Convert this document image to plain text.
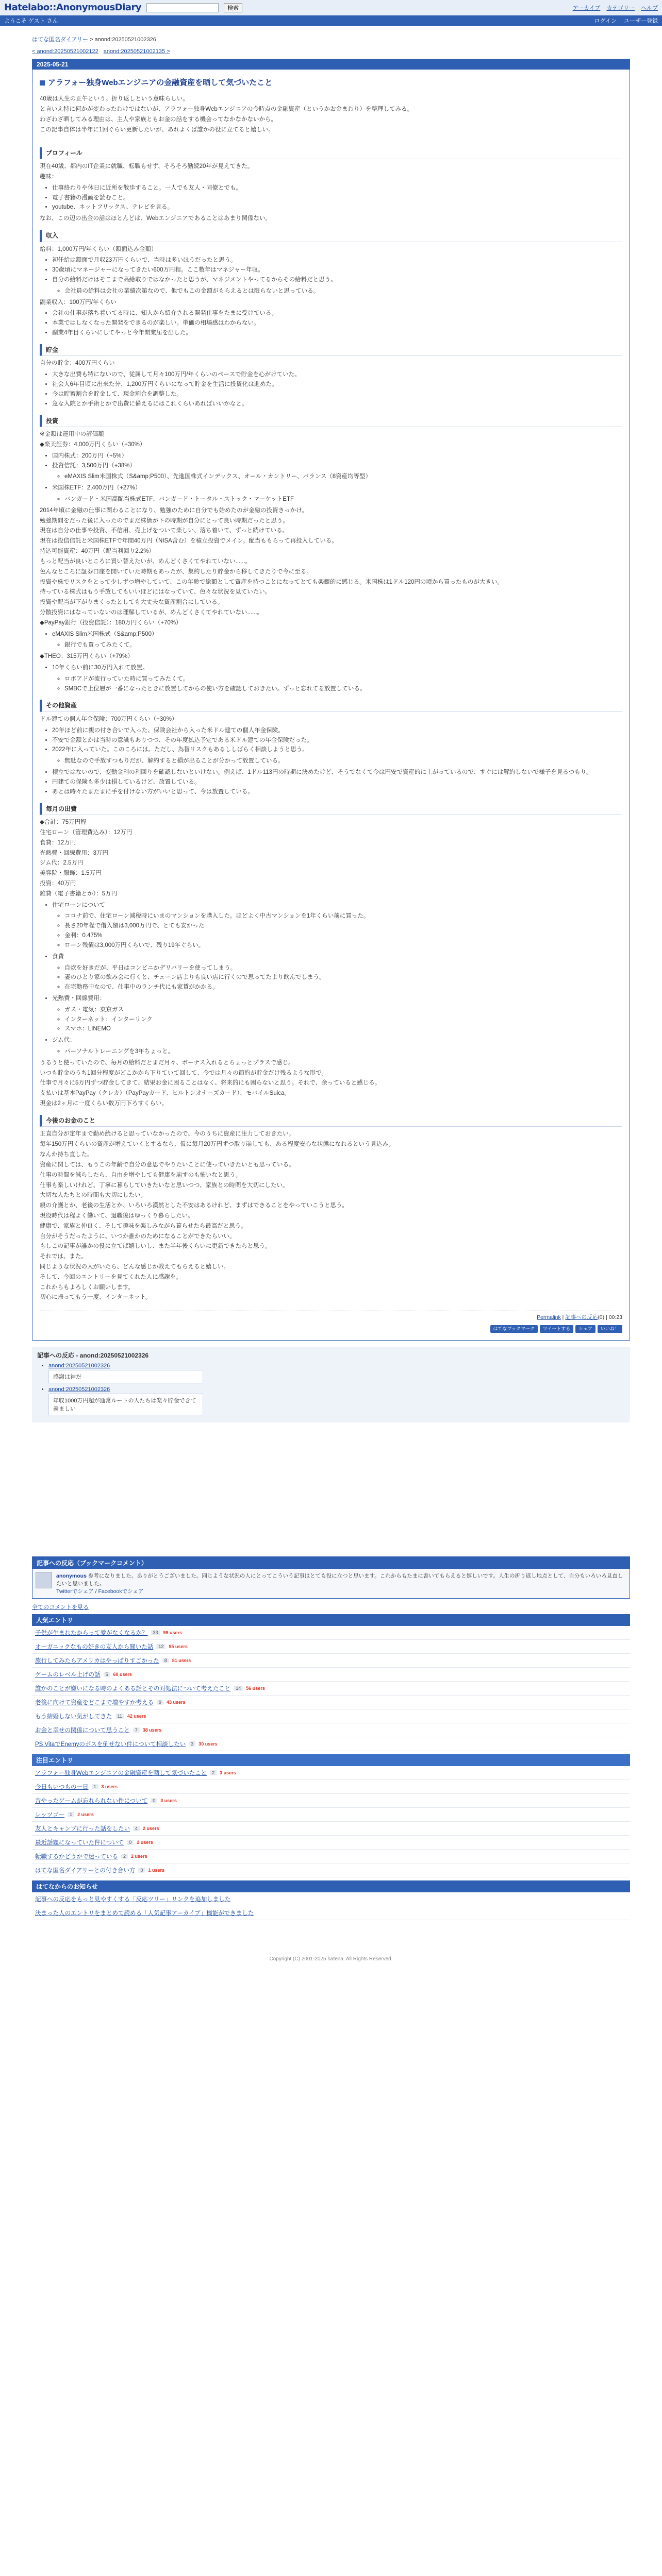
Hatelabo::AnonymousDiary	検索	アーカイブ カテゴリー ヘルプ
ようこそ ゲスト さん	ログイン ユーザー登録
はてな匿名ダイアリー > anond:20250521002326
< anond:20250521002122 anond:20250521002135 >
2025-05-21
アラフォー独身Webエンジニアの金融資産を晒して気づいたこと

40歳は人生の正午という。折り返しという意味らしい。

と言いえ特に何かが変わったわけではないが、アラフォー独身Webエンジニアの今時点の金融資産（というかお金まわり）を整理してみる。

わざわざ晒してみる理由は、主人や家族ともお金の話をする機会ってなかなかないから。

この記事自体は半年に1回ぐらい更新したいが、あれよくば誰かの役に立てると嬉しい。

プロフィール

現在40歳、都内のIT企業に就職、転職もせず、そろそろ勤続20年が見えてきた。

趣味：

• 仕事終わりや休日に近所を散歩すること。一人でも友人・同僚とでも。
• 電子書籍の漫画を読むこと。
• youtube、ネットフリックス、テレビを見る。

なお、この辺の出金の話はほとんどは、Webエンジニアであることはあまり関係ない。

収入

給料：1,000万円/年くらい（額面込み金額）

• 初任給は額面で月収23万円くらいで、当時は多いほうだったと思う。
• 30歳頃にマネージャーになってきたい600万円程。ここ数年はマネジャー年収。
• 自分の給料だけはそこまで高給取りではなかったと思うが、マネジメントやってるからその給料だと思う。
◦ 会社員の給料は会社の業績次第なので、他でもこの金額がもらえるとは限らないと思っている。

副業収入：100万円/年くらい

• 会社の仕事が落ち着いてる時に、知人から紹介される開発仕事をたまに受けている。
• 本業ではしなくなった開発をできるのが楽しい。単価の相場感はわからない。
• 副業4年目くらいにしてやっと今年開業届を出した。
貯金

自分の貯金：400万円くらい

• 大きな出費も特にないので、従属して月々100万円/年くらいのペースで貯金を心がけていた。
• 社会人6年目頃に出来た分、1,200万円くらいになって貯金を生活に投資化は進めた。
• 今は貯蓄割合を貯金して、現金割合を調整した。
• 急な入院とか手術とかで出費に備えるにはこれくらいあればいいかなと。
投資

※金額は運用中の評価額

◆楽天証券：4,000万円くらい（+30%）

• 国内株式：200万円（+5%）
• 投資信託：3,500万円（+38%）
◦ eMAXIS Slim米国株式（S&amp;P500）、先進国株式インデックス、オール・カントリー、バランス（8資産均等型）
• 米国株ETF：2,400万円（+27%）
◦ バンガード・米国高配当株式ETF、バンガード・トータル・ストック・マーケットETF

2014年頃に金融の仕事に関わることになり、勉強のために自分でも始めたのが金融の投資きっかけ。

勉強期間をだった後に入ったのでまだ株価が下の時期が自分にとって良い時期だったと思う。

現在は自分の仕事や投資、不信用、売上げをついて楽しい、落ち着いて、ずっと続けている。

現在は投信信託と米国株ETFで年間40万円（NISA含む）を積立投資でメイン。配当ももらって再投入している。

持込可能資産：40万円（配当利回り2.2%）

もっと配当が良いところに買い替えたいが、めんどくさくてやれていない......。

色んなところに証券口座を開いていた時期もあったが、集約したり貯金から移してきたりで今に至る。

投資や株でリスクをとって少しずつ増やしていて、この年齢で総額として資産を持つことになってとても楽観的に感じる。米国株は1ドル120円の頃から買ったものが大きい。

持っている株式はもう手放してもいいほどにはなっていて、色々な状況を見ていたい。

投資や配当が下がりまくったとしても大丈夫な資産割合にしている。

分散投資にはなっていないのは理解しているが、めんどくさくてやれていない......。

◆PayPay銀行（投資信託）：180万円くらい（+70%）

• eMAXIS Slim米国株式（S&amp;P500）
◦ 銀行でも買ってみたくて。

◆THEO：315万円くらい（+79%）

• 10年くらい前に30万円入れて放置。
◦ ロボアドが流行っていた時に買ってみたくて。
◦ SMBCで上位層が一番になったときに放置してからの使い方を確認しておきたい。ずっと忘れてる放置している。
その他資産

ドル建ての個人年金保険：700万円くらい（+30%）

• 20年ほど前に親の付き合いで入った、保険会社から入った米ドル建ての個人年金保険。
• 不安で金額とかは当時の意識もありつつ、その年度払込予定である米ドル建ての年金保険だった。
• 2022年に入っていた。このころには。ただし、為替リスクもあるししばらく相談しようと思う。
◦ 無駄なので手放すつもりだが、解約すると損が出ることが分かって放置している。
• 積立ではないので、変動金利の利回りを確認しないといけない。例えば、1ドル113円の時期に決めたけど、そうでなくて今は円安で資産的に上がっているので、すぐには解約しないで様子を見るつもり。
• 円建ての保険も多少は損しているけど、放置している。
• あとは時々たまたまに手を付けない方がいいと思って、今は放置している。
毎月の出費

◆合計：75万円程

住宅ローン（管理費込み）：12万円

食費：12万円

光熱費・回線費用：3万円

ジム代：2.5万円

美容院・服飾：1.5万円

投資：40万円

雑費（電子書籍とか）：5万円

• 住宅ローンについて
◦ コロナ前で、住宅ローン減税時にいまのマンションを購入した。ほどよく中古マンションを1年くらい前に買った。
◦ 長さ20年程で借入額は3,000万円で、とても安かった
◦ 金利：0.475%
◦ ローン残債は3,000万円くらいで、残り19年ぐらい。
• 食費
◦ 自炊を好きだが、平日はコンビニかデリバリーを使ってしまう。
◦ 妻のひとり家の飲み会に行くと、チェーン店よりも良い店に行くので思ってたより飲んでしまう。
◦ 在宅勤務中なので、仕事中のランチ代にも家賃がかかる。
• 光熱費・回線費用：
◦ ガス・電気：東京ガス
◦ インターネット：インターリンク
◦ スマホ：LINEMO
• ジム代：
◦ パーソナルトレーニングを3年ちょっと。

うるうと使っていたので、毎月の給料だとまだ月々、ボーナス入れるとちょっとプラスで感じ。

いつも貯金のうち1回分程度がどこかから下りていて回して、今では月々の節約が貯金だけ残るような形で。

仕事で月々に5万円ずつ貯金してきて、結果お金に困ることはなく、将来的にも困らないと思う。それで、余っていると感じる。

支払いは基本PayPay（クレカ）（PayPayカード、ヒルトンオナーズカード）、モバイルSuica。

現金は2ヶ月に一度くらい数万円下ろすくらい。

今後のお金のこと

正直自分が定年まで勤め続けると思っていなかったので、今のうちに資産に注力しておきたい。

毎年150万円くらいの資産が増えていくとするなら、仮に毎月20万円ずつ取り崩しても、ある程度安心な状態になれるという見込み。

なんか持ち直した。

資産に関しては、もうこの年齢で自分の意思でやりたいことに使っていきたいとも思っている。

仕事の時間を減らしたら、自由を増やしても健康を崩すのも怖いなと思う。

仕事も楽しいけれど、丁寧に暮らしていきたいなと思いつつ、家族との時間を大切にしたい。

大切な人たちとの時間も大切にしたい。

親の介護とか、老後の生活とか、いろいろ漠然とした不安はあるけれど、まずはできることをやっていこうと思う。

現役時代は程よく働いて、退職後はゆっくり暮らしたい。

健康で、家族と仲良く、そして趣味を楽しみながら暮らせたら最高だと思う。

自分がそうだったように、いつか誰かのためになることができたらいい。

もしこの記事が誰かの役に立てば嬉しいし、また半年後くらいに更新できたらと思う。

それでは、また。

同じような状況の人がいたら、どんな感じか教えてもらえると嬉しい。

そして、今回のエントリーを見てくれた人に感謝を。

これからもよろしくお願いします。

初心に帰ってもう一度、インターネット。

Permalink | 記事への反応(0) | 00:23
はてなブックマーク	ツイートする	シェア	いいね！
記事への反応 - anond:20250521002326
• anond:20250521002326
感謝は神だ
• anond:20250521002326
年収1000万円超が通常ルートの人たちは楽々貯金できて羨ましい
記事への反応（ブックマークコメント）
anonymous 参考になりました。ありがとうございました。同じような状況の人にとってこういう記事はとても役に立つと思います。これからもたまに書いてもらえると嬉しいです。人生の折り返し地点として、自分もいろいろ見直したいと思いました。
Twitterでシェア / Facebookでシェア
全てのコメントを見る
人気エントリ
子供が生まれたからって愛がなくなるか？	33	99 users
オーガニックなもの好きの友人から聞いた話	12	95 users
旅行してみたらアメリカはやっぱりすごかった	8	81 users
ゲームのレベル上げの話	5	60 users
誰かのことが嫌いになる時のよくある話とその対処法について考えたこと	14	56 users
老後に向けて資産をどこまで増やすか考える	9	43 users
もう結婚しない気がしてきた	11	42 users
お金と幸せの関係について思うこと	7	38 users
PS VitaでEnemyのボスを倒せない件について相談したい	3	30 users
注目エントリ
アラフォー独身Webエンジニアの金融資産を晒して気づいたこと	2	3 users
今日もいつもの一日	1	3 users
昔やったゲームが忘れられない件について	0	3 users
レッツゴー	1	2 users
友人とキャンプに行った話をしたい	4	2 users
最近話題になっていた件について	0	2 users
転職するかどうかで迷っている	2	2 users
はてな匿名ダイアリーとの付き合い方	0	1 users
はてなからのお知らせ
記事への反応をもっと見やすくする「反応ツリー」リンクを追加しました
決まった人のエントリをまとめて読める「人気記事アーカイブ」機能ができました
Copyright (C) 2001-2025 hatena. All Rights Reserved.
